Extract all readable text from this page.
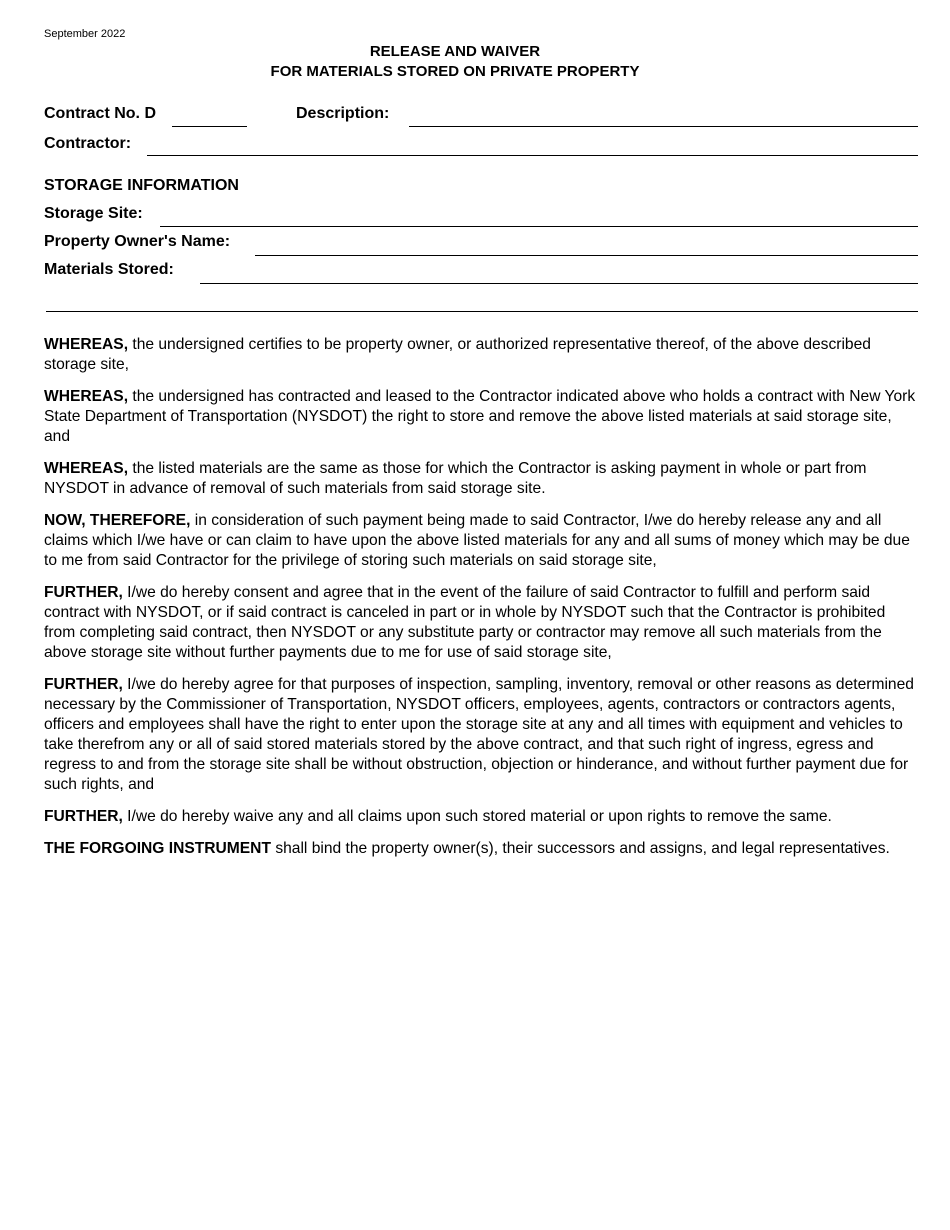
September 2022
RELEASE AND WAIVER
FOR MATERIALS STORED ON PRIVATE PROPERTY
Contract No. D	Description:
Contractor:
STORAGE INFORMATION
Storage Site:
Property Owner's Name:
Materials Stored:

WHEREAS, the undersigned certifies to be property owner, or authorized representative thereof, of the above described storage site,

WHEREAS, the undersigned has contracted and leased to the Contractor indicated above who holds a contract with New York State Department of Transportation (NYSDOT) the right to store and remove the above listed materials at said storage site, and

WHEREAS, the listed materials are the same as those for which the Contractor is asking payment in whole or part from NYSDOT in advance of removal of such materials from said storage site.

NOW, THEREFORE, in consideration of such payment being made to said Contractor, I/we do hereby release any and all claims which I/we have or can claim to have upon the above listed materials for any and all sums of money which may be due to me from said Contractor for the privilege of storing such materials on said storage site,

FURTHER, I/we do hereby consent and agree that in the event of the failure of said Contractor to fulfill and perform said contract with NYSDOT, or if said contract is canceled in part or in whole by NYSDOT such that the Contractor is prohibited from completing said contract, then NYSDOT or any substitute party or contractor may remove all such materials from the above storage site without further payments due to me for use of said storage site,

FURTHER, I/we do hereby agree for that purposes of inspection, sampling, inventory, removal or other reasons as determined necessary by the Commissioner of Transportation, NYSDOT officers, employees, agents, contractors or contractors agents, officers and employees shall have the right to enter upon the storage site at any and all times with equipment and vehicles to take therefrom any or all of said stored materials stored by the above contract, and that such right of ingress, egress and regress to and from the storage site shall be without obstruction, objection or hinderance, and without further payment due for such rights, and

FURTHER, I/we do hereby waive any and all claims upon such stored material or upon rights to remove the same.

THE FORGOING INSTRUMENT shall bind the property owner(s), their successors and assigns, and legal representatives.
